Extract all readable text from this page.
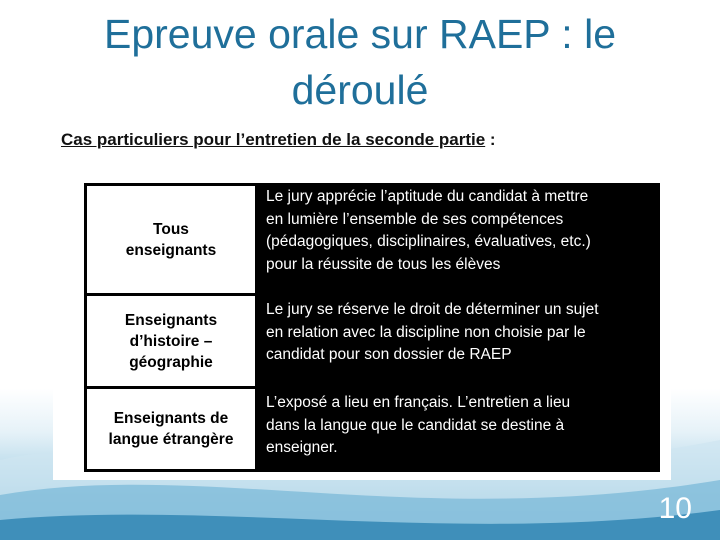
Epreuve orale sur RAEP : le
déroulé
Cas particuliers pour l’entretien de la seconde partie :
Tous
enseignants
Le jury apprécie l’aptitude du candidat à mettre
en lumière l’ensemble de ses compétences
(pédagogiques, disciplinaires, évaluatives, etc.)
pour la réussite de tous les élèves
Enseignants
d’histoire –
géographie
Le jury se réserve le droit de déterminer un sujet
en relation avec la discipline non choisie par le
candidat pour son dossier de RAEP
Enseignants de
langue étrangère
L’exposé a lieu en français. L’entretien a lieu
dans la langue que le candidat se destine à
enseigner.
10
